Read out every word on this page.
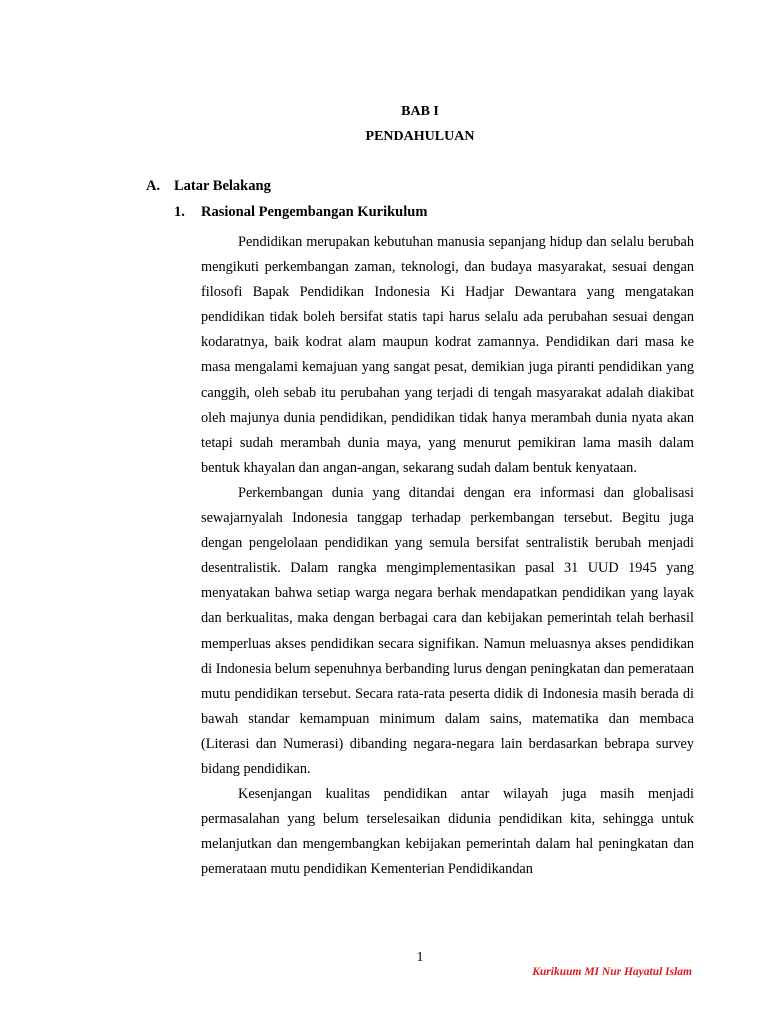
BAB I
PENDAHULUAN
A. Latar Belakang
1. Rasional Pengembangan Kurikulum

Pendidikan merupakan kebutuhan manusia sepanjang hidup dan selalu berubah mengikuti perkembangan zaman, teknologi, dan budaya masyarakat, sesuai dengan filosofi Bapak Pendidikan Indonesia Ki Hadjar Dewantara yang mengatakan pendidikan tidak boleh bersifat statis tapi harus selalu ada perubahan sesuai dengan kodaratnya, baik kodrat alam maupun kodrat zamannya. Pendidikan dari masa ke masa mengalami kemajuan yang sangat pesat, demikian juga piranti pendidikan yang canggih, oleh sebab itu perubahan yang terjadi di tengah masyarakat adalah diakibat oleh majunya dunia pendidikan, pendidikan tidak hanya merambah dunia nyata akan tetapi sudah merambah dunia maya, yang menurut pemikiran lama masih dalam bentuk khayalan dan angan-angan, sekarang sudah dalam bentuk kenyataan.

Perkembangan dunia yang ditandai dengan era informasi dan globalisasi sewajarnyalah Indonesia tanggap terhadap perkembangan tersebut. Begitu juga dengan pengelolaan pendidikan yang semula bersifat sentralistik berubah menjadi desentralistik. Dalam rangka mengimplementasikan pasal 31 UUD 1945 yang menyatakan bahwa setiap warga negara berhak mendapatkan pendidikan yang layak dan berkualitas, maka dengan berbagai cara dan kebijakan pemerintah telah berhasil memperluas akses pendidikan secara signifikan. Namun meluasnya akses pendidikan di Indonesia belum sepenuhnya berbanding lurus dengan peningkatan dan pemerataan mutu pendidikan tersebut. Secara rata-rata peserta didik di Indonesia masih berada di bawah standar kemampuan minimum dalam sains, matematika dan membaca (Literasi dan Numerasi) dibanding negara-negara lain berdasarkan bebrapa survey bidang pendidikan.

Kesenjangan kualitas pendidikan antar wilayah juga masih menjadi permasalahan yang belum terselesaikan didunia pendidikan kita, sehingga untuk melanjutkan dan mengembangkan kebijakan pemerintah dalam hal peningkatan dan pemerataan mutu pendidikan Kementerian Pendidikandan

1
Kurikuum MI Nur Hayatul Islam
